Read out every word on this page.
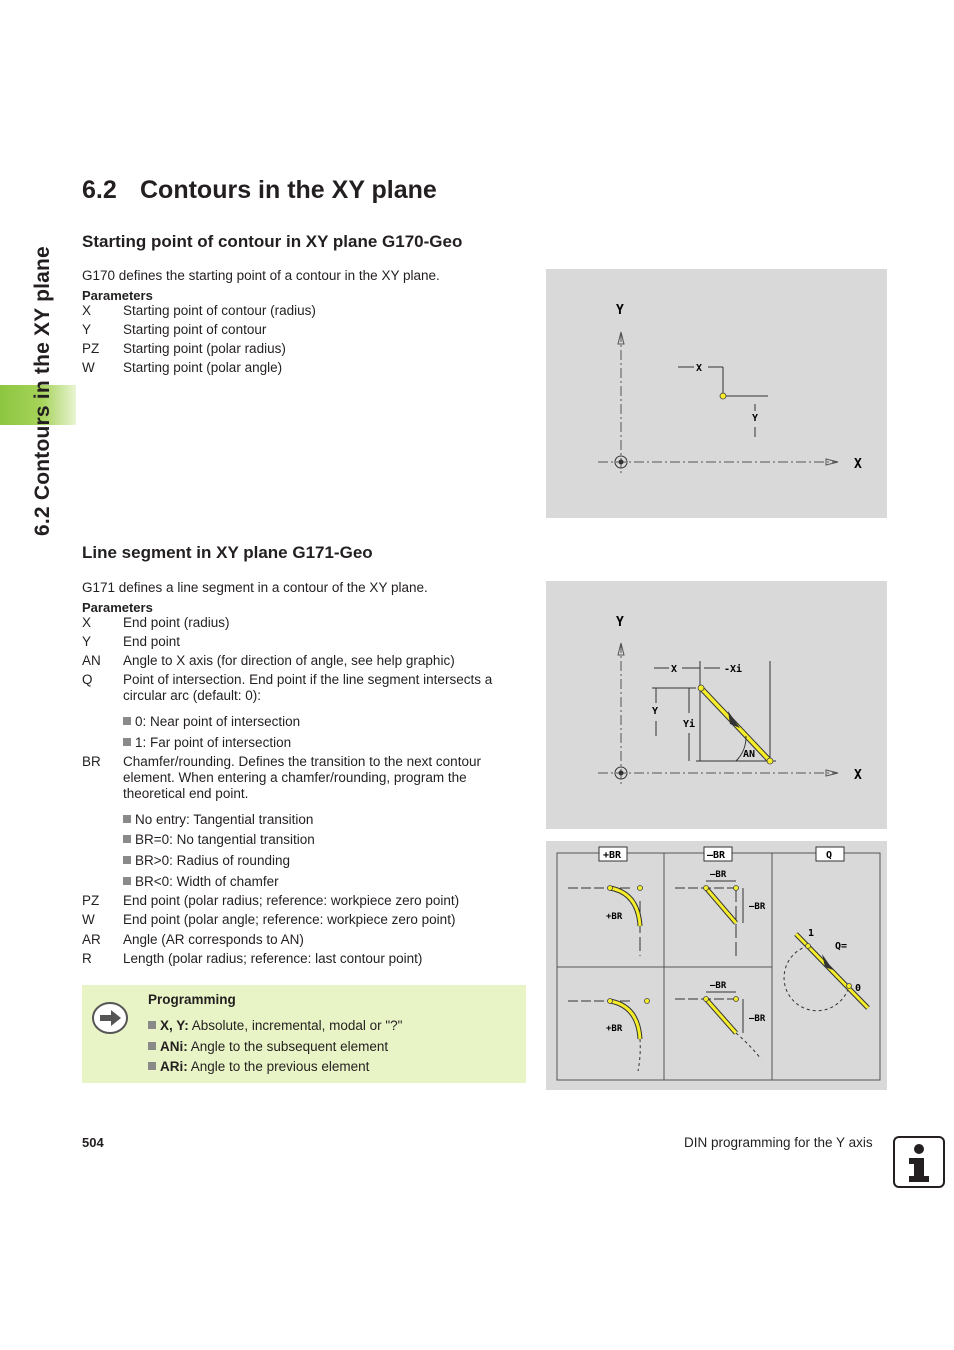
6.2 Contours in the XY plane
6.2 Contours in the XY plane
Starting point of contour in XY plane G170-Geo
G170 defines the starting point of a contour in the XY plane.
Parameters
X Starting point of contour (radius)
Y Starting point of contour
PZ Starting point (polar radius)
W Starting point (polar angle)
Y
X
X
Y
Line segment in XY plane G171-Geo
G171 defines a line segment in a contour of the XY plane.
Parameters
X End point (radius)
Y End point
AN Angle to X axis (for direction of angle, see help graphic)
Q Point of intersection. End point if the line segment intersects a circular arc (default: 0):
0: Near point of intersection
1: Far point of intersection
BR Chamfer/rounding. Defines the transition to the next contour element. When entering a chamfer/rounding, program the theoretical end point.
No entry: Tangential transition
BR=0: No tangential transition
BR>0: Radius of rounding
BR<0: Width of chamfer
PZ End point (polar radius; reference: workpiece zero point)
W End point (polar angle; reference: workpiece zero point)
AR Angle (AR corresponds to AN)
R Length (polar radius; reference: last contour point)
Y
X
X	-Xi
Y
Yi
AN
+BR	–BR	Q
+BR
–BR
–BR
+BR
–BR
–BR
1
Q=
0
Programming
X, Y: Absolute, incremental, modal or "?"
ANi: Angle to the subsequent element
ARi: Angle to the previous element
504	DIN programming for the Y axis
